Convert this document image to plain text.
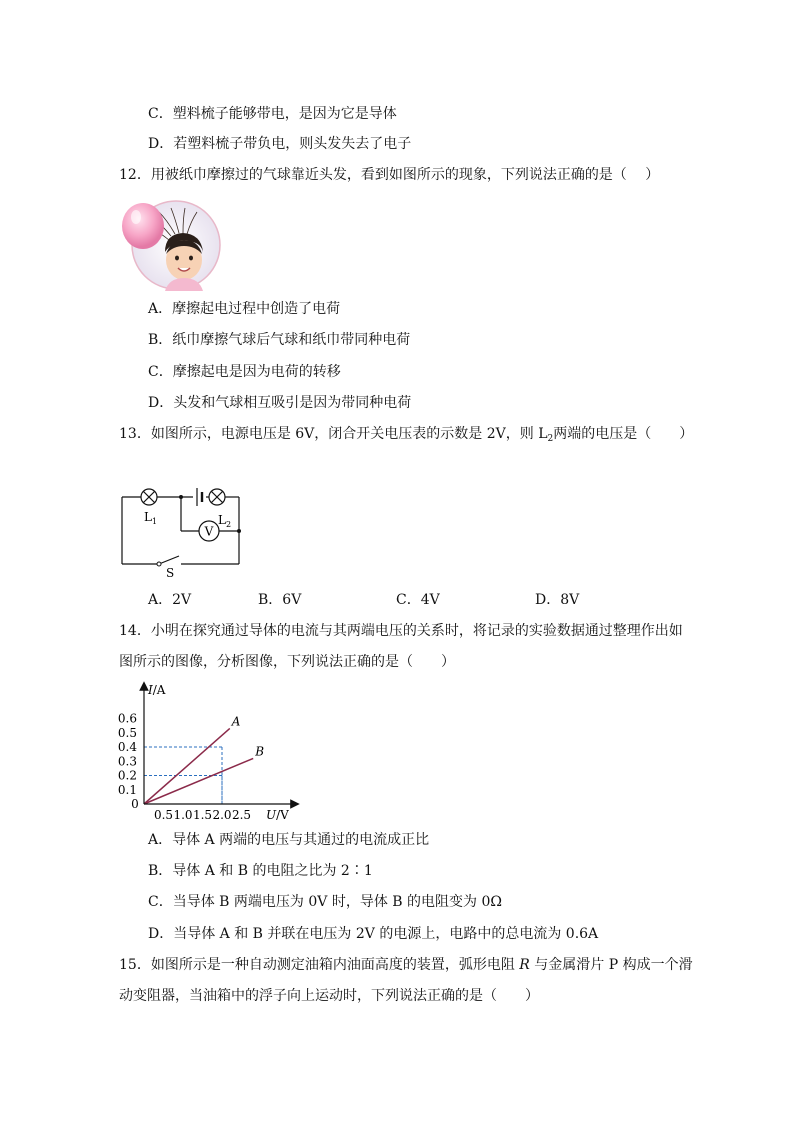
C．塑料梳子能够带电，是因为它是导体
D．若塑料梳子带负电，则头发失去了电子
12．用被纸巾摩擦过的气球靠近头发，看到如图所示的现象，下列说法正确的是（　 ）
A．摩擦起电过程中创造了电荷
B．纸巾摩擦气球后气球和纸巾带同种电荷
C．摩擦起电是因为电荷的转移
D．头发和气球相互吸引是因为带同种电荷
13．如图所示，电源电压是 6V，闭合开关电压表的示数是 2V，则 $L_2$两端的电压是（　　）
V
$L_1$	$L_2$
S
A．2V	B．6V	C．4V	D．8V
14．小明在探究通过导体的电流与其两端电压的关系时，将记录的实验数据通过整理作出如
图所示的图像，分析图像，下列说法正确的是（　　）
0.1
0.2
0.3
0.4
0.5
0.6
0.5 1.0 1.5 2.0 2.5
0
I/A
U/V
A
B
A．导体 A 两端的电压与其通过的电流成正比
B．导体 A 和 B 的电阻之比为 2∶1
C．当导体 B 两端电压为 0V 时，导体 B 的电阻变为 0Ω
D．当导体 A 和 B 并联在电压为 2V 的电源上，电路中的总电流为 0.6A
15．如图所示是一种自动测定油箱内油面高度的装置，弧形电阻 R 与金属滑片 P 构成一个滑
动变阻器，当油箱中的浮子向上运动时，下列说法正确的是（　　）
